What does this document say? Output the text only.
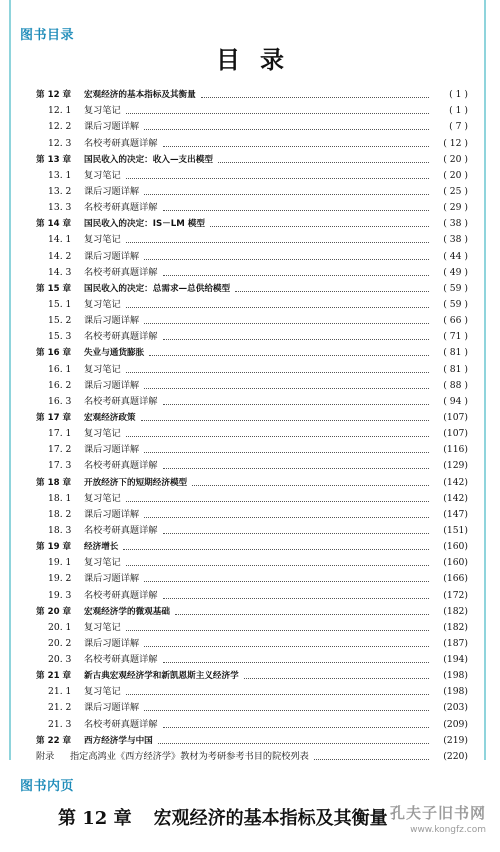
图书目录
目录
第 12 章	宏观经济的基本指标及其衡量	( 1 )
12. 1	复习笔记	( 1 )
12. 2	课后习题详解	( 7 )
12. 3	名校考研真题详解	( 12 )
第 13 章	国民收入的决定：收入—支出模型	( 20 )
13. 1	复习笔记	( 20 )
13. 2	课后习题详解	( 25 )
13. 3	名校考研真题详解	( 29 )
第 14 章	国民收入的决定：IS－LM 模型	( 38 )
14. 1	复习笔记	( 38 )
14. 2	课后习题详解	( 44 )
14. 3	名校考研真题详解	( 49 )
第 15 章	国民收入的决定：总需求—总供给模型	( 59 )
15. 1	复习笔记	( 59 )
15. 2	课后习题详解	( 66 )
15. 3	名校考研真题详解	( 71 )
第 16 章	失业与通货膨胀	( 81 )
16. 1	复习笔记	( 81 )
16. 2	课后习题详解	( 88 )
16. 3	名校考研真题详解	( 94 )
第 17 章	宏观经济政策	(107)
17. 1	复习笔记	(107)
17. 2	课后习题详解	(116)
17. 3	名校考研真题详解	(129)
第 18 章	开放经济下的短期经济模型	(142)
18. 1	复习笔记	(142)
18. 2	课后习题详解	(147)
18. 3	名校考研真题详解	(151)
第 19 章	经济增长	(160)
19. 1	复习笔记	(160)
19. 2	课后习题详解	(166)
19. 3	名校考研真题详解	(172)
第 20 章	宏观经济学的微观基础	(182)
20. 1	复习笔记	(182)
20. 2	课后习题详解	(187)
20. 3	名校考研真题详解	(194)
第 21 章	新古典宏观经济学和新凯恩斯主义经济学	(198)
21. 1	复习笔记	(198)
21. 2	课后习题详解	(203)
21. 3	名校考研真题详解	(209)
第 22 章	西方经济学与中国	(219)
附录	指定高鸿业《西方经济学》教材为考研参考书目的院校列表	(220)
图书内页
第 12 章 宏观经济的基本指标及其衡量 孔夫子旧书网
www.kongfz.com
